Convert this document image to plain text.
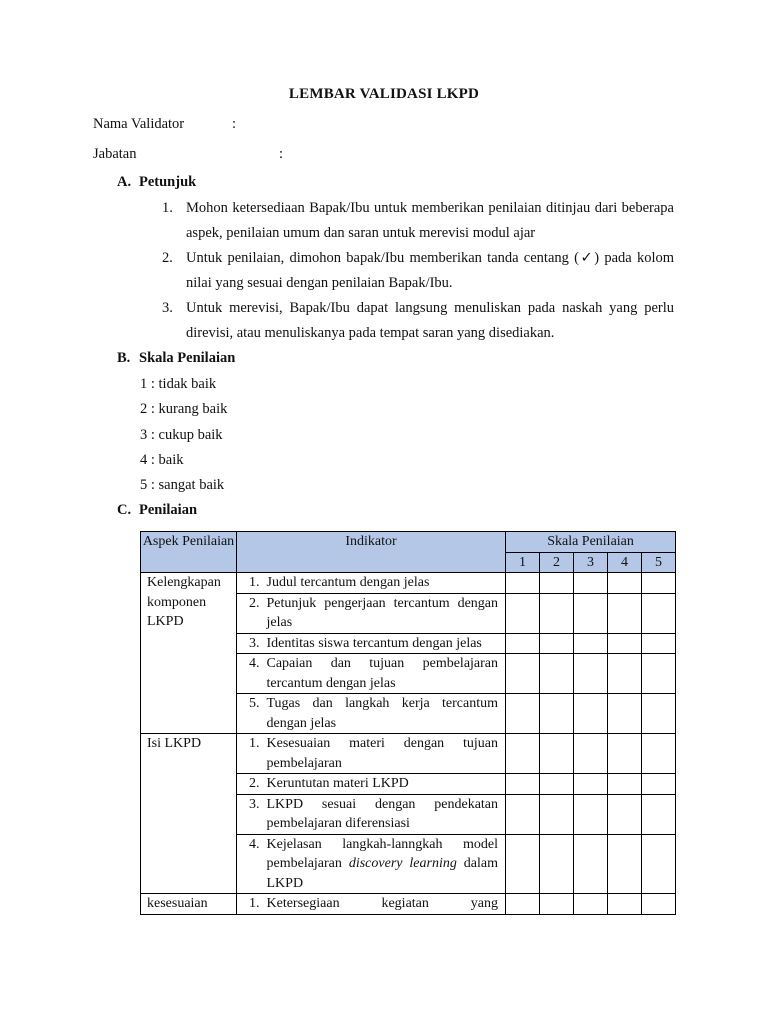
LEMBAR VALIDASI LKPD
Nama Validator	:
Jabatan	:
A. Petunjuk
1. Mohon ketersediaan Bapak/Ibu untuk memberikan penilaian ditinjau dari beberapa aspek, penilaian umum dan saran untuk merevisi modul ajar
2. Untuk penilaian, dimohon bapak/Ibu memberikan tanda centang (✓) pada kolom nilai yang sesuai dengan penilaian Bapak/Ibu.
3. Untuk merevisi, Bapak/Ibu dapat langsung menuliskan pada naskah yang perlu direvisi, atau menuliskanya pada tempat saran yang disediakan.
B. Skala Penilaian
1 : tidak baik
2 : kurang baik
3 : cukup baik
4 : baik
5 : sangat baik
C. Penilaian
Aspek Penilaian	Indikator		Skala Penilaian				
			1	2	3	4	5
Kelengkapan komponen LKPD	1.	Judul tercantum dengan jelas					
	2.	Petunjuk pengerjaan tercantum dengan jelas					
	3.	Identitas siswa tercantum dengan jelas					
	4.	Capaian dan tujuan pembelajaran tercantum dengan jelas					
	5.	Tugas dan langkah kerja tercantum dengan jelas					
Isi LKPD	1.	Kesesuaian materi dengan tujuan pembelajaran					
	2.	Keruntutan materi LKPD					
	3.	LKPD sesuai dengan pendekatan pembelajaran diferensiasi					
	4.	Kejelasan langkah-lanngkah model pembelajaran discovery learning dalam LKPD					
kesesuaian	1.	Ketersegiaan kegiatan yang					
